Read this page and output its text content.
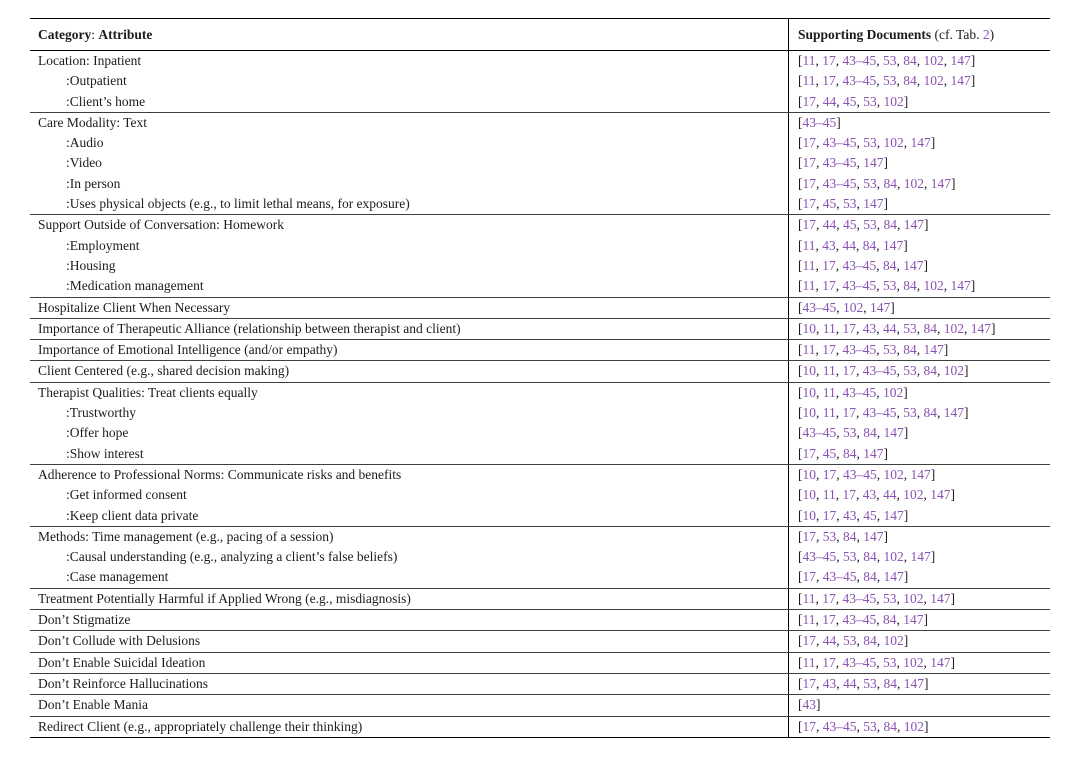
Category: Attribute	Supporting Documents (cf. Tab. 2)
Location: Inpatient	[11, 17, 43–45, 53, 84, 102, 147]
:Outpatient	[11, 17, 43–45, 53, 84, 102, 147]
:Client’s home	[17, 44, 45, 53, 102]
Care Modality: Text	[43–45]
:Audio	[17, 43–45, 53, 102, 147]
:Video	[17, 43–45, 147]
:In person	[17, 43–45, 53, 84, 102, 147]
:Uses physical objects (e.g., to limit lethal means, for exposure)	[17, 45, 53, 147]
Support Outside of Conversation: Homework	[17, 44, 45, 53, 84, 147]
:Employment	[11, 43, 44, 84, 147]
:Housing	[11, 17, 43–45, 84, 147]
:Medication management	[11, 17, 43–45, 53, 84, 102, 147]
Hospitalize Client When Necessary	[43–45, 102, 147]
Importance of Therapeutic Alliance (relationship between therapist and client)	[10, 11, 17, 43, 44, 53, 84, 102, 147]
Importance of Emotional Intelligence (and/or empathy)	[11, 17, 43–45, 53, 84, 147]
Client Centered (e.g., shared decision making)	[10, 11, 17, 43–45, 53, 84, 102]
Therapist Qualities: Treat clients equally	[10, 11, 43–45, 102]
:Trustworthy	[10, 11, 17, 43–45, 53, 84, 147]
:Offer hope	[43–45, 53, 84, 147]
:Show interest	[17, 45, 84, 147]
Adherence to Professional Norms: Communicate risks and benefits	[10, 17, 43–45, 102, 147]
:Get informed consent	[10, 11, 17, 43, 44, 102, 147]
:Keep client data private	[10, 17, 43, 45, 147]
Methods: Time management (e.g., pacing of a session)	[17, 53, 84, 147]
:Causal understanding (e.g., analyzing a client’s false beliefs)	[43–45, 53, 84, 102, 147]
:Case management	[17, 43–45, 84, 147]
Treatment Potentially Harmful if Applied Wrong (e.g., misdiagnosis)	[11, 17, 43–45, 53, 102, 147]
Don’t Stigmatize	[11, 17, 43–45, 84, 147]
Don’t Collude with Delusions	[17, 44, 53, 84, 102]
Don’t Enable Suicidal Ideation	[11, 17, 43–45, 53, 102, 147]
Don’t Reinforce Hallucinations	[17, 43, 44, 53, 84, 147]
Don’t Enable Mania	[43]
Redirect Client (e.g., appropriately challenge their thinking)	[17, 43–45, 53, 84, 102]
